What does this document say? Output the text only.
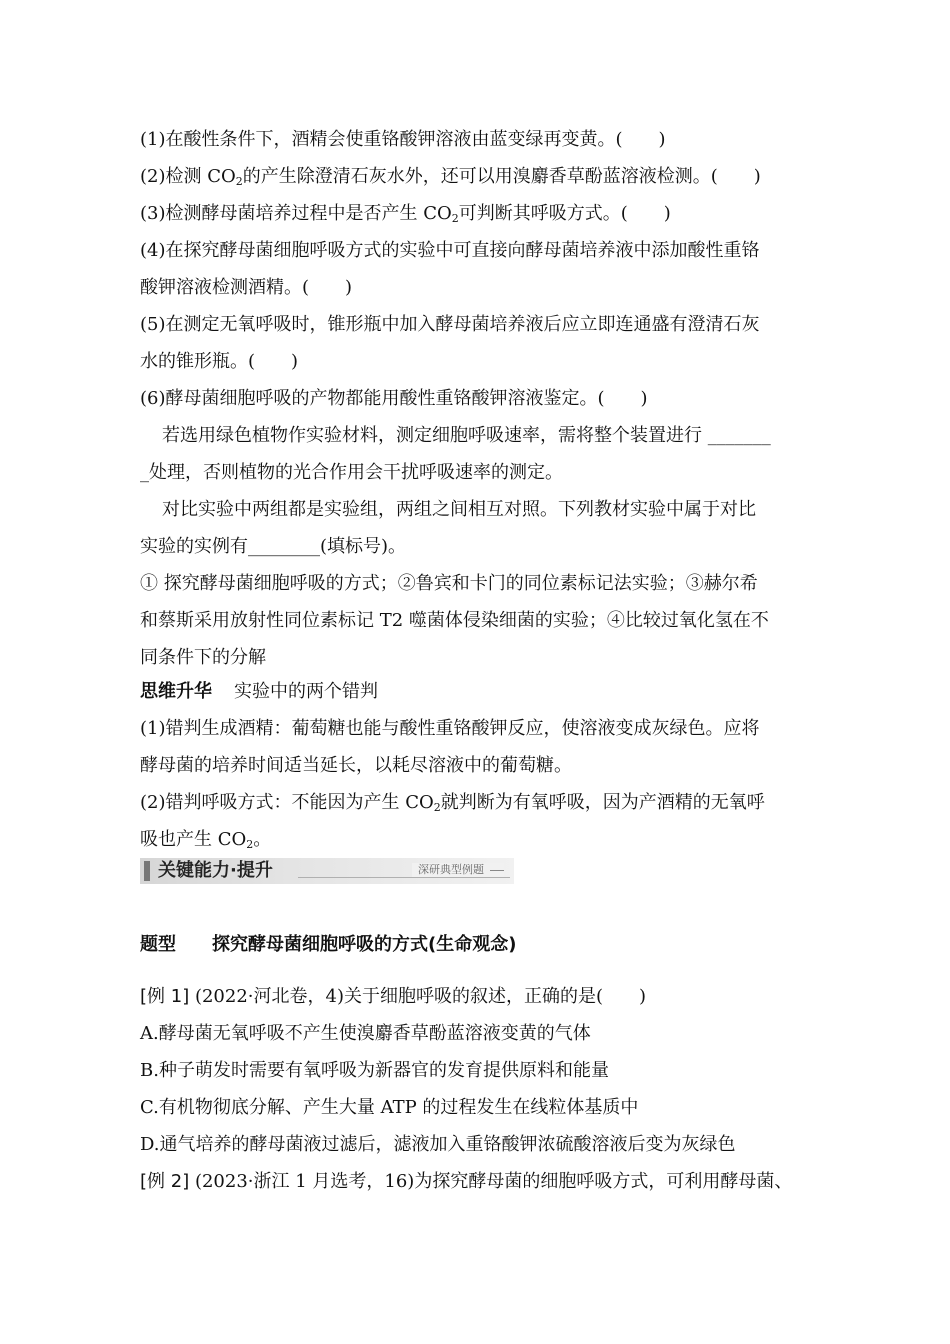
(1)在酸性条件下，酒精会使重铬酸钾溶液由蓝变绿再变黄。(　　)
(2)检测 $CO_2$的产生除澄清石灰水外，还可以用溴麝香草酚蓝溶液检测。(　　)
(3)检测酵母菌培养过程中是否产生 $CO_2$可判断其呼吸方式。(　　)
(4)在探究酵母菌细胞呼吸方式的实验中可直接向酵母菌培养液中添加酸性重铬
酸钾溶液检测酒精。(　　)
(5)在测定无氧呼吸时，锥形瓶中加入酵母菌培养液后应立即连通盛有澄清石灰
水的锥形瓶。(　　)
(6)酵母菌细胞呼吸的产物都能用酸性重铬酸钾溶液鉴定。(　　)
若选用绿色植物作实验材料，测定细胞呼吸速率，需将整个装置进行 _______
_处理，否则植物的光合作用会干扰呼吸速率的测定。
对比实验中两组都是实验组，两组之间相互对照。下列教材实验中属于对比
实验的实例有________(填标号)。
① 探究酵母菌细胞呼吸的方式；②鲁宾和卡门的同位素标记法实验；③赫尔希
和蔡斯采用放射性同位素标记 T2 噬菌体侵染细菌的实验；④比较过氧化氢在不
同条件下的分解
思维升华 实验中的两个错判
(1)错判生成酒精：葡萄糖也能与酸性重铬酸钾反应，使溶液变成灰绿色。应将
酵母菌的培养时间适当延长，以耗尽溶液中的葡萄糖。
(2)错判呼吸方式：不能因为产生 $CO_2$就判断为有氧呼吸，因为产酒精的无氧呼
吸也产生 $CO_2$。
关键能力·提升	深研典型例题
题型 探究酵母菌细胞呼吸的方式(生命观念)
[例 1] (2022·河北卷，4)关于细胞呼吸的叙述，正确的是(　　)
A.酵母菌无氧呼吸不产生使溴麝香草酚蓝溶液变黄的气体
B.种子萌发时需要有氧呼吸为新器官的发育提供原料和能量
C.有机物彻底分解、产生大量 ATP 的过程发生在线粒体基质中
D.通气培养的酵母菌液过滤后，滤液加入重铬酸钾浓硫酸溶液后变为灰绿色
[例 2] (2023·浙江 1 月选考，16)为探究酵母菌的细胞呼吸方式，可利用酵母菌、
